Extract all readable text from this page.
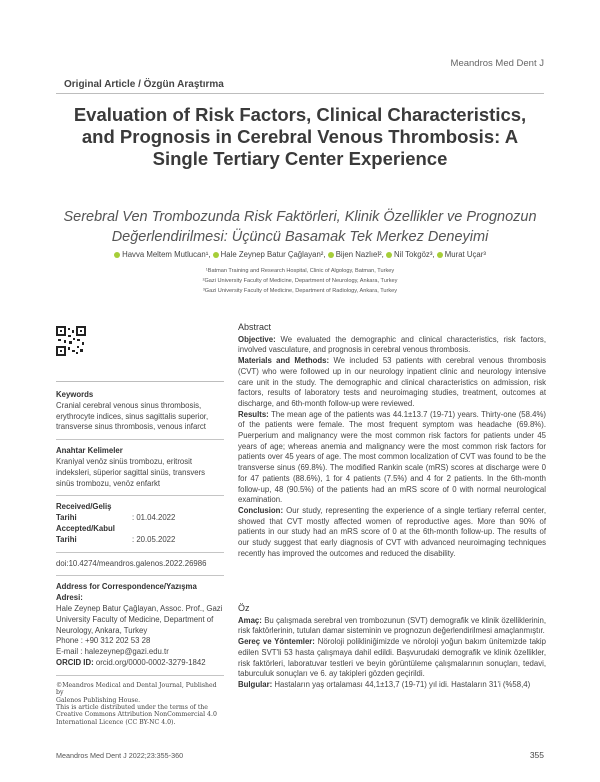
Meandros Med Dent J
Original Article / Özgün Araştırma
Evaluation of Risk Factors, Clinical Characteristics, and Prognosis in Cerebral Venous Thrombosis: A Single Tertiary Center Experience
Serebral Ven Trombozunda Risk Faktörleri, Klinik Özellikler ve Prognozun Değerlendirilmesi: Üçüncü Basamak Tek Merkez Deneyimi
Havva Meltem Mutlucan¹, Hale Zeynep Batur Çağlayan², Bijen Nazlıel², Nil Tokgöz³, Murat Uçar³
¹Batman Training and Research Hospital, Clinic of Algology, Batman, Turkey
²Gazi University Faculty of Medicine, Department of Neurology, Ankara, Turkey
³Gazi University Faculty of Medicine, Department of Radiology, Ankara, Turkey
Keywords
Cranial cerebral venous sinus thrombosis, erythrocyte indices, sinus sagittalis superior, transverse sinus thrombosis, venous infarct
Anahtar Kelimeler
Kraniyal venöz sinüs trombozu, eritrosit indeksleri, süperior sagittal sinüs, transvers sinüs trombozu, venöz enfarkt
Received/Geliş Tarihi	: 01.04.2022
Accepted/Kabul Tarihi	: 20.05.2022
doi:10.4274/meandros.galenos.2022.26986
Address for Correspondence/Yazışma Adresi:
Hale Zeynep Batur Çağlayan, Assoc. Prof., Gazi University Faculty of Medicine, Department of Neurology, Ankara, Turkey
Phone : +90 312 202 53 28
E-mail : halezeynep@gazi.edu.tr
ORCID ID: orcid.org/0000-0002-3279-1842
©Meandros Medical and Dental Journal, Published by
Galenos Publishing House.
This is article distributed under the terms of the
Creative Commons Attribution NonCommercial 4.0
International Licence (CC BY-NC 4.0).
Abstract
Objective: We evaluated the demographic and clinical characteristics, risk factors, involved vasculature, and prognosis in cerebral venous thrombosis.
Materials and Methods: We included 53 patients with cerebral venous thrombosis (CVT) who were followed up in our neurology inpatient clinic and neurology intensive care unit in the study. The demographic and clinical characteristics on admission, risk factors, results of laboratory tests and neuroimaging studies, treatment, outcomes at discharge, and 6th-month follow-up were reviewed.
Results: The mean age of the patients was 44.1±13.7 (19-71) years. Thirty-one (58.4%) of the patients were female. The most frequent symptom was headache (69.8%). Puerperium and malignancy were the most common risk factors for patients under 45 years of age; whereas anemia and malignancy were the most common risk factors for patients over 45 years of age. The most common localization of CVT was found to be the transverse sinus (69.8%). The modified Rankin scale (mRS) scores at discharge were 0 for 47 patients (88.6%), 1 for 4 patients (7.5%) and 4 for 2 patients. In the 6th-month follow-up, 48 (90.5%) of the patients had an mRS score of 0 with normal neurological examination.
Conclusion: Our study, representing the experience of a single tertiary referral center, showed that CVT mostly affected women of reproductive ages. More than 90% of patients in our study had an mRS score of 0 at the 6th-month follow-up. The results of our study suggest that early diagnosis of CVT with advanced neuroimaging techniques recently has improved the outcomes and reduced the disability.
Öz
Amaç: Bu çalışmada serebral ven trombozunun (SVT) demografik ve klinik özelliklerinin, risk faktörlerinin, tutulan damar sisteminin ve prognozun değerlendirilmesi amaçlanmıştır.
Gereç ve Yöntemler: Nöroloji polikliniğimizde ve nöroloji yoğun bakım ünitemizde takip edilen SVT'li 53 hasta çalışmaya dahil edildi. Başvurudaki demografik ve klinik özellikler, risk faktörleri, laboratuvar testleri ve beyin görüntüleme çalışmalarının sonuçları, tedavi, taburculuk sonuçları ve 6. ay takipleri gözden geçirildi.
Bulgular: Hastaların yaş ortalaması 44,1±13,7 (19-71) yıl idi. Hastaların 31'i (%58,4)
Meandros Med Dent J 2022;23:355-360	355
